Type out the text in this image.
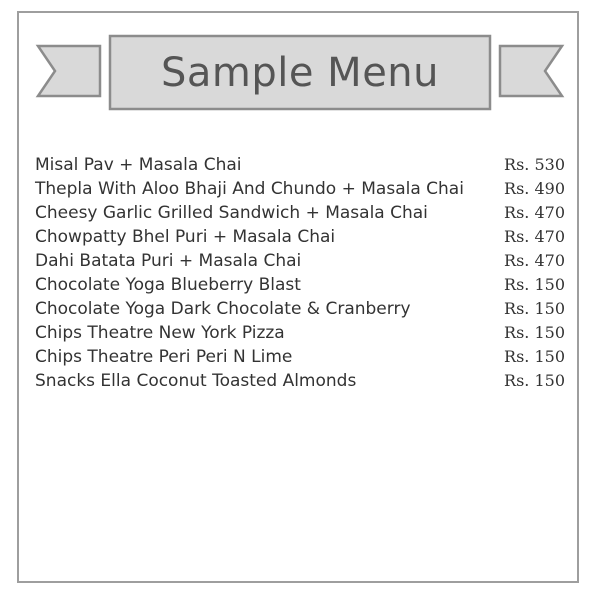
Sample Menu
Misal Pav + Masala Chai	Rs. 530
Thepla With Aloo Bhaji And Chundo + Masala Chai	Rs. 490
Cheesy Garlic Grilled Sandwich + Masala Chai	Rs. 470
Chowpatty Bhel Puri + Masala Chai	Rs. 470
Dahi Batata Puri + Masala Chai	Rs. 470
Chocolate Yoga Blueberry Blast	Rs. 150
Chocolate Yoga Dark Chocolate & Cranberry	Rs. 150
Chips Theatre New York Pizza	Rs. 150
Chips Theatre Peri Peri N Lime	Rs. 150
Snacks Ella Coconut Toasted Almonds	Rs. 150
